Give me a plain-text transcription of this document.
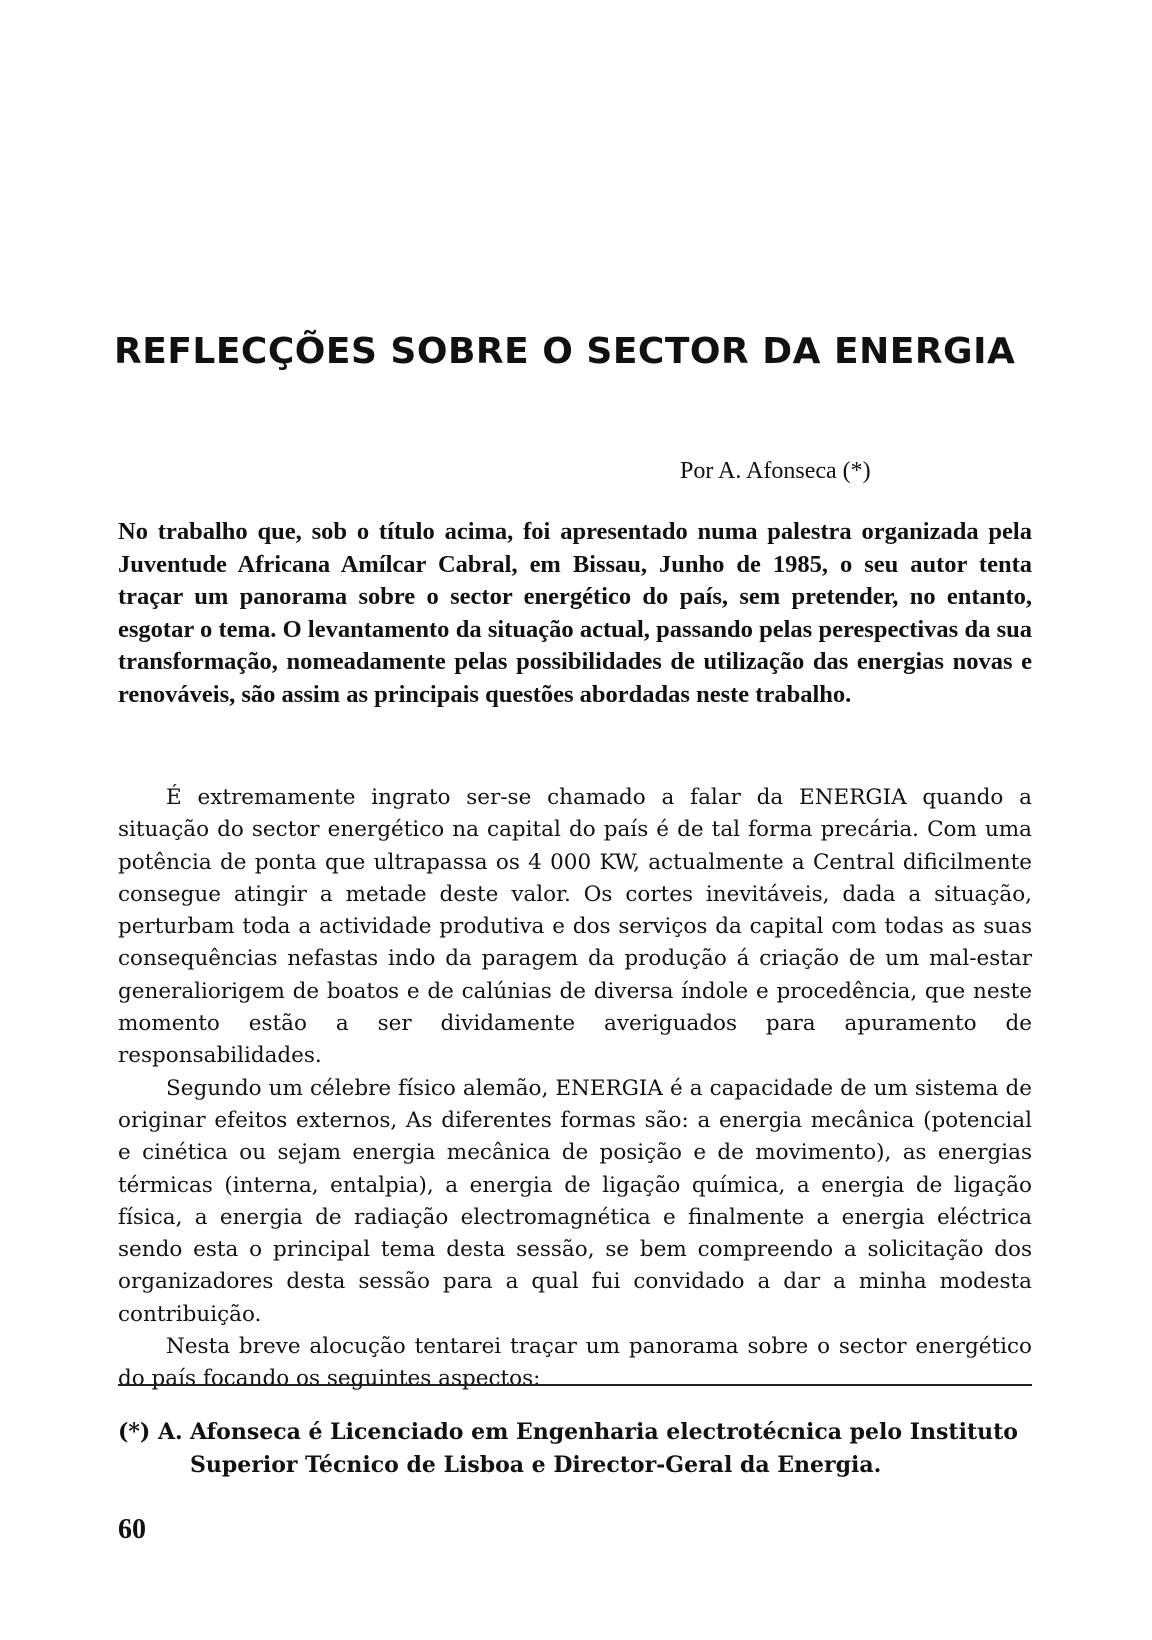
REFLECÇÕES SOBRE O SECTOR DA ENERGIA
Por A. Afonseca (*)

No trabalho que, sob o título acima, foi apresentado numa palestra organizada pela Juventude Africana Amílcar Cabral, em Bissau, Junho de 1985, o seu autor tenta traçar um panorama sobre o sector energético do país, sem pretender, no entanto, esgotar o tema. O levantamento da situação actual, passando pelas perespectivas da sua transformação, nomeadamente pelas possibilidades de utilização das energias novas e renováveis, são assim as principais questões abordadas neste trabalho.

É extremamente ingrato ser-se chamado a falar da ENERGIA quando a situação do sector energético na capital do país é de tal forma precária. Com uma potência de ponta que ultrapassa os 4 000 KW, actualmente a Central dificilmente consegue atingir a metade deste valor. Os cortes inevitáveis, dada a situação, perturbam toda a actividade produtiva e dos serviços da capital com todas as suas consequências nefastas indo da paragem da produção á criação de um mal-estar generaliorigem de boatos e de calúnias de diversa índole e procedência, que neste momento estão a ser dividamente averiguados para apuramento de responsabilidades.

Segundo um célebre físico alemão, ENERGIA é a capacidade de um sistema de originar efeitos externos, As diferentes formas são: a energia mecânica (potencial e cinética ou sejam energia mecânica de posição e de movimento), as energias térmicas (interna, entalpia), a energia de ligação química, a energia de ligação física, a energia de radiação electromagnética e finalmente a energia eléctrica sendo esta o principal tema desta sessão, se bem compreendo a solicitação dos organizadores desta sessão para a qual fui convidado a dar a minha modesta contribuição.

Nesta breve alocução tentarei traçar um panorama sobre o sector energético do país focando os seguintes aspectos:

(*) A. Afonseca é Licenciado em Engenharia electrotécnica pelo Instituto
Superior Técnico de Lisboa e Director-Geral da Energia.
60
